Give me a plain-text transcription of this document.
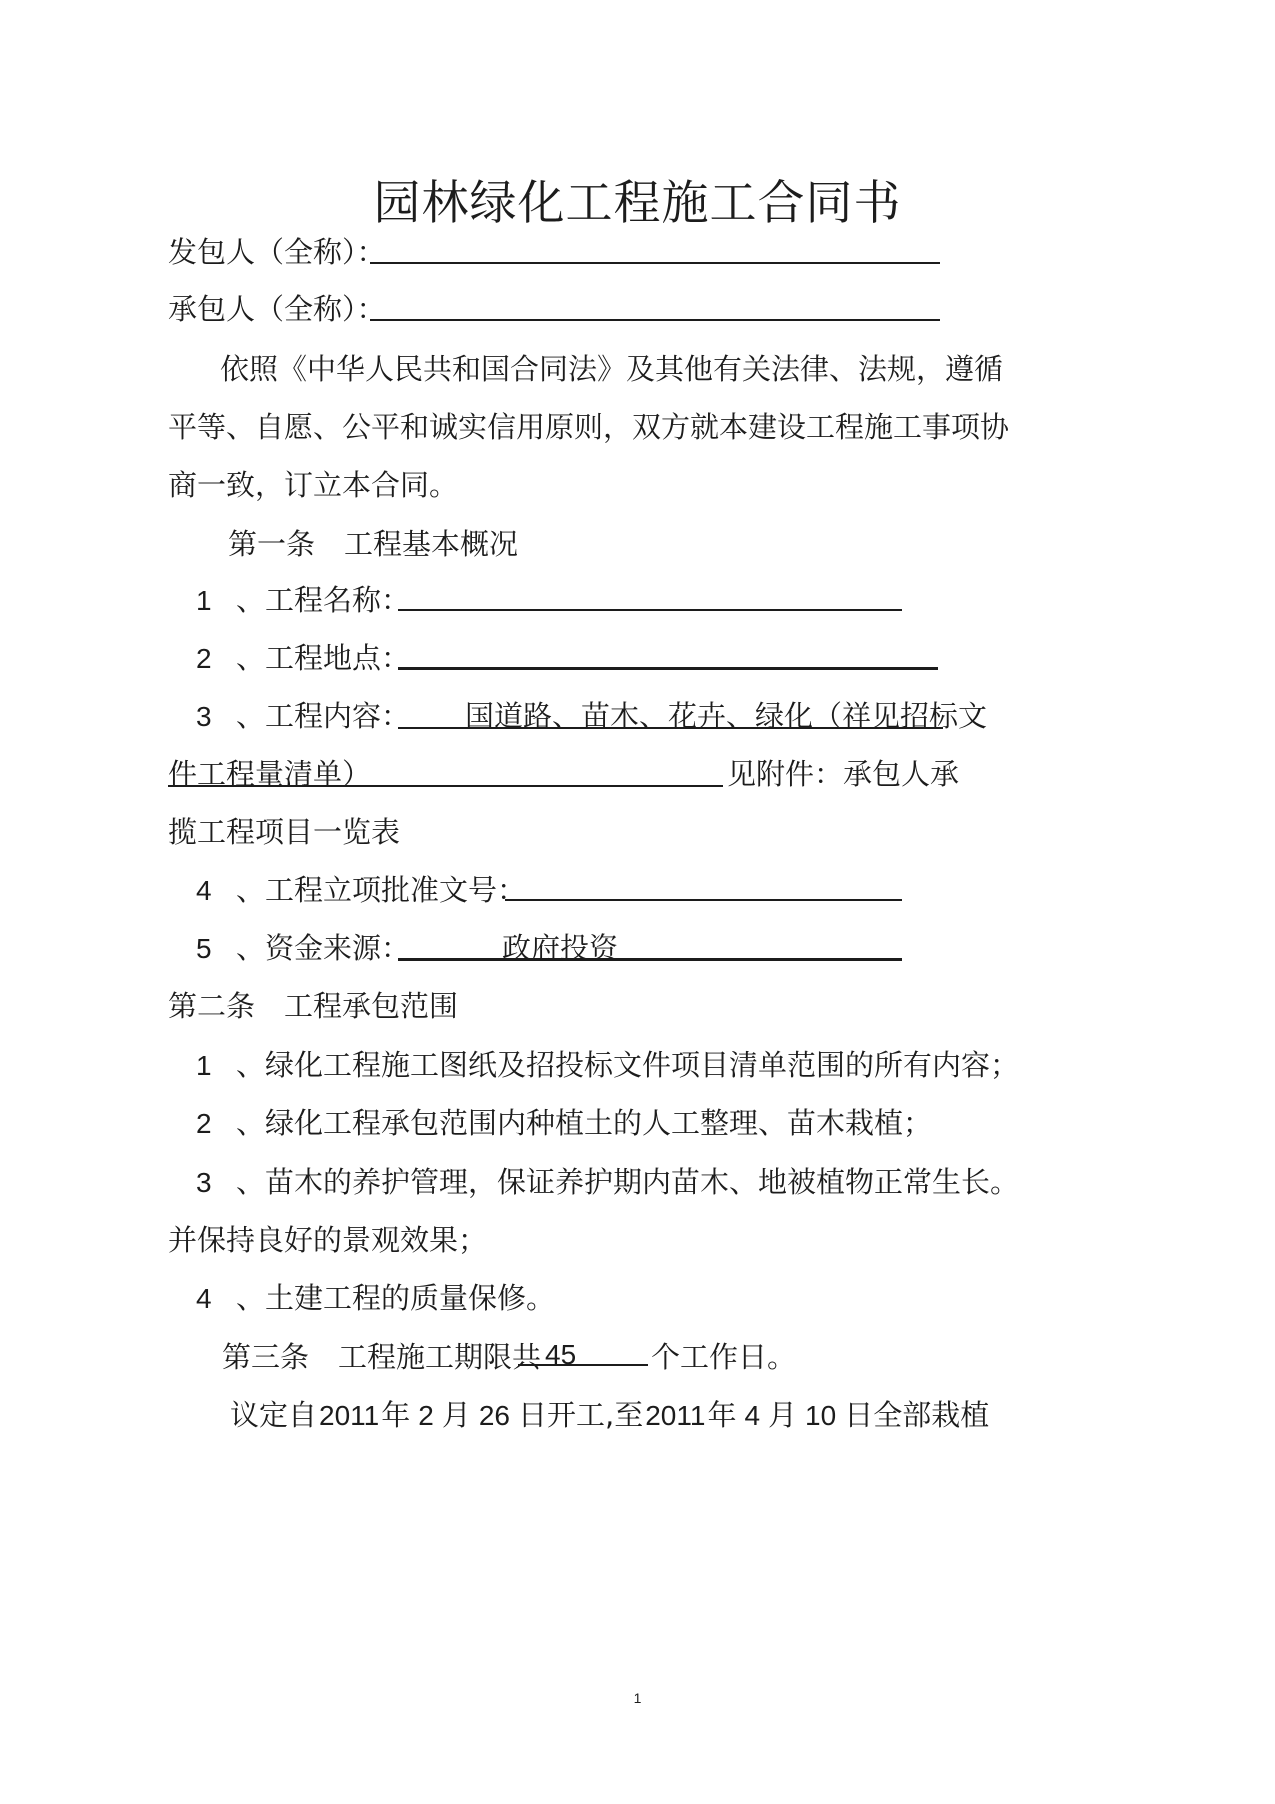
园林绿化工程施工合同书
发包人（全称）：
承包人（全称）：
依照《中华人民共和国合同法》及其他有关法律、法规，遵循
平等、自愿、公平和诚实信用原则，双方就本建设工程施工事项协
商一致，订立本合同。
第一条　工程基本概况
1 、工程名称：
2 、工程地点：
3 、工程内容： 国道路、苗木、花卉、绿化（祥见招标文
件工程量清单）	见附件：承包人承
揽工程项目一览表
4 、工程立项批准文号：
5 、资金来源：	政府投资
第二条　工程承包范围
1 、绿化工程施工图纸及招投标文件项目清单范围的所有内容；
2 、绿化工程承包范围内种植土的人工整理、苗木栽植；
3 、苗木的养护管理，保证养护期内苗木、地被植物正常生长。
并保持良好的景观效果；
4 、土建工程的质量保修。
第三条　工程施工期限共 45	个工作日。
议定自2011年 2 月 26 日开工,至2011年 4 月 10 日全部栽植
1
